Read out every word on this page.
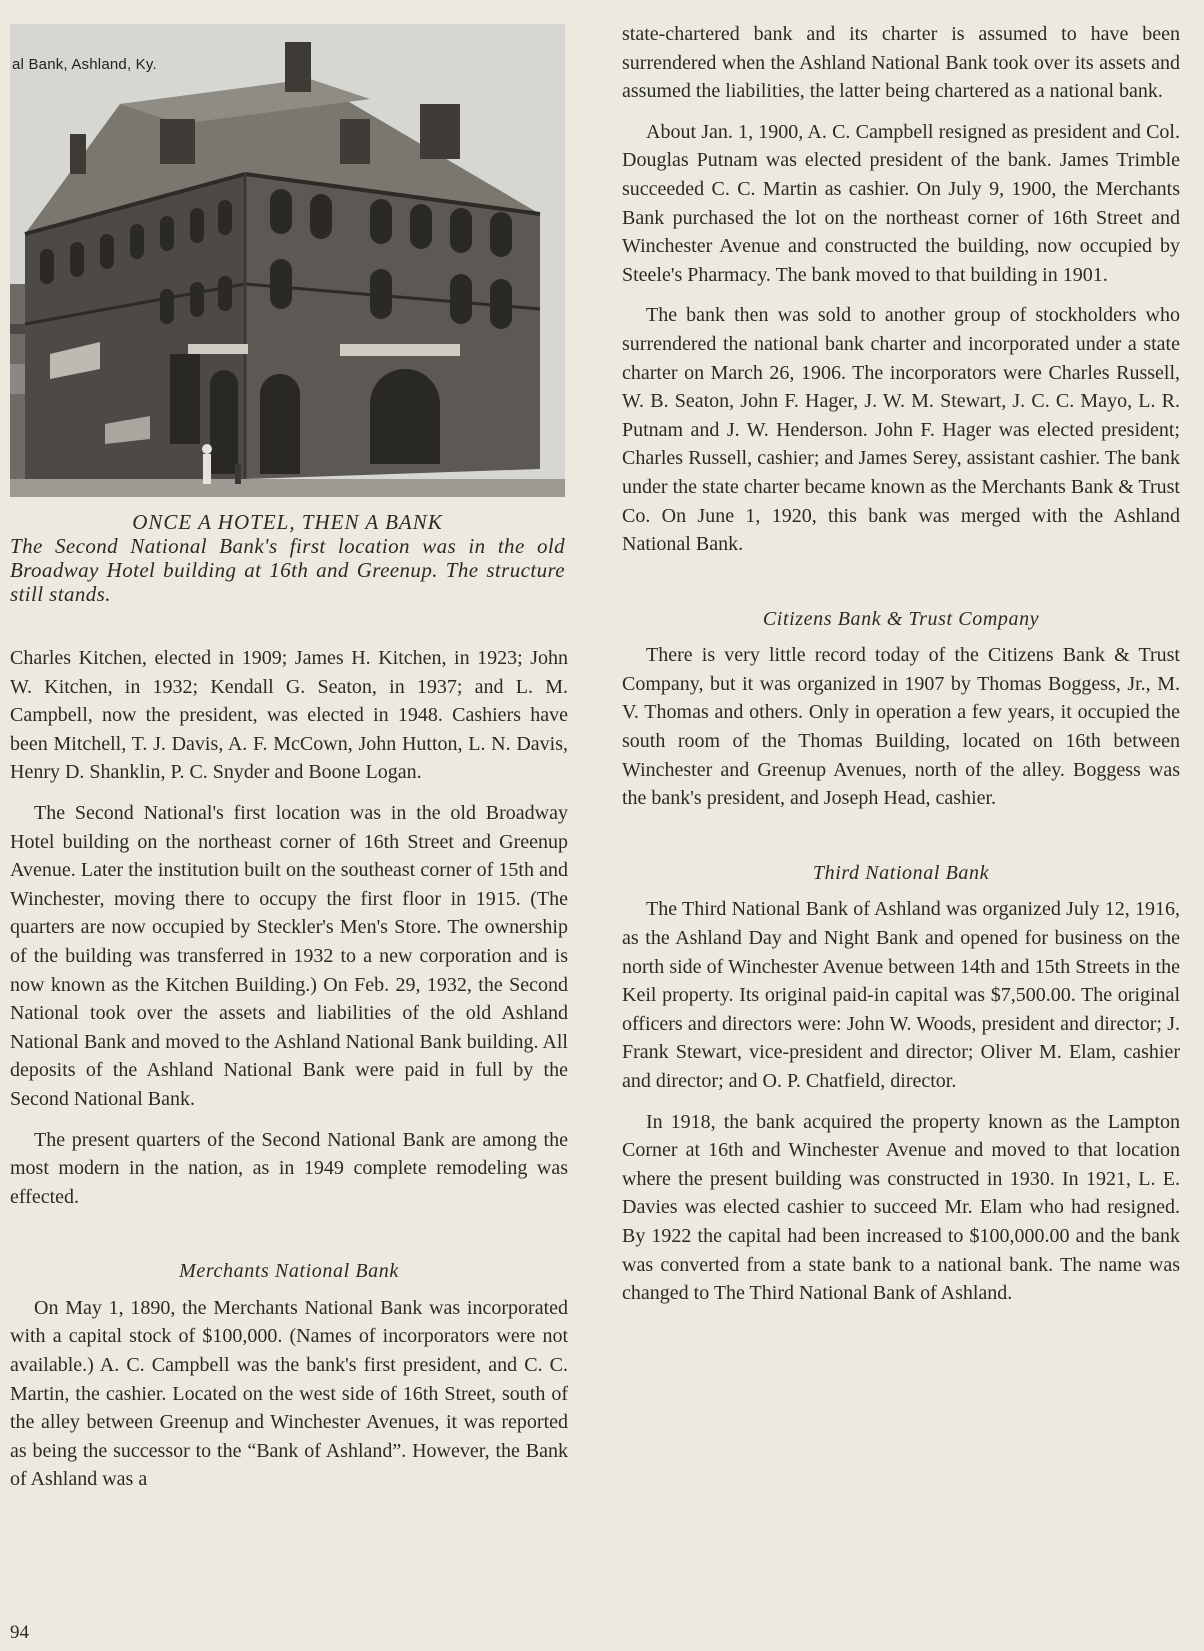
al Bank, Ashland, Ky.
ONCE A HOTEL, THEN A BANK
The Second National Bank's first location was in the old Broadway Hotel building at 16th and Greenup. The structure still stands.

Charles Kitchen, elected in 1909; James H. Kitchen, in 1923; John W. Kitchen, in 1932; Kendall G. Seaton, in 1937; and L. M. Campbell, now the president, was elected in 1948. Cashiers have been Mitchell, T. J. Davis, A. F. McCown, John Hutton, L. N. Davis, Henry D. Shanklin, P. C. Snyder and Boone Logan.

The Second National's first location was in the old Broadway Hotel building on the northeast corner of 16th Street and Greenup Avenue. Later the institution built on the southeast corner of 15th and Winchester, moving there to occupy the first floor in 1915. (The quarters are now occupied by Steckler's Men's Store. The ownership of the building was transferred in 1932 to a new corporation and is now known as the Kitchen Building.) On Feb. 29, 1932, the Second National took over the assets and liabilities of the old Ashland National Bank and moved to the Ashland National Bank building. All deposits of the Ashland National Bank were paid in full by the Second National Bank.

The present quarters of the Second National Bank are among the most modern in the nation, as in 1949 complete remodeling was effected.

Merchants National Bank

On May 1, 1890, the Merchants National Bank was incorporated with a capital stock of $100,000. (Names of incorporators were not available.) A. C. Campbell was the bank's first president, and C. C. Martin, the cashier. Located on the west side of 16th Street, south of the alley between Greenup and Winchester Avenues, it was reported as being the successor to the “Bank of Ashland”. However, the Bank of Ashland was a

state-chartered bank and its charter is assumed to have been surrendered when the Ashland National Bank took over its assets and assumed the liabilities, the latter being chartered as a national bank.

About Jan. 1, 1900, A. C. Campbell resigned as president and Col. Douglas Putnam was elected president of the bank. James Trimble succeeded C. C. Martin as cashier. On July 9, 1900, the Merchants Bank purchased the lot on the northeast corner of 16th Street and Winchester Avenue and constructed the building, now occupied by Steele's Pharmacy. The bank moved to that building in 1901.

The bank then was sold to another group of stockholders who surrendered the national bank charter and incorporated under a state charter on March 26, 1906. The incorporators were Charles Russell, W. B. Seaton, John F. Hager, J. W. M. Stewart, J. C. C. Mayo, L. R. Putnam and J. W. Henderson. John F. Hager was elected president; Charles Russell, cashier; and James Serey, assistant cashier. The bank under the state charter became known as the Merchants Bank & Trust Co. On June 1, 1920, this bank was merged with the Ashland National Bank.

Citizens Bank & Trust Company

There is very little record today of the Citizens Bank & Trust Company, but it was organized in 1907 by Thomas Boggess, Jr., M. V. Thomas and others. Only in operation a few years, it occupied the south room of the Thomas Building, located on 16th between Winchester and Greenup Avenues, north of the alley. Boggess was the bank's president, and Joseph Head, cashier.

Third National Bank

The Third National Bank of Ashland was organized July 12, 1916, as the Ashland Day and Night Bank and opened for business on the north side of Winchester Avenue between 14th and 15th Streets in the Keil property. Its original paid-in capital was $7,500.00. The original officers and directors were: John W. Woods, president and director; J. Frank Stewart, vice-president and director; Oliver M. Elam, cashier and director; and O. P. Chatfield, director.

In 1918, the bank acquired the property known as the Lampton Corner at 16th and Winchester Avenue and moved to that location where the present building was constructed in 1930. In 1921, L. E. Davies was elected cashier to succeed Mr. Elam who had resigned. By 1922 the capital had been increased to $100,000.00 and the bank was converted from a state bank to a national bank. The name was changed to The Third National Bank of Ashland.

94
